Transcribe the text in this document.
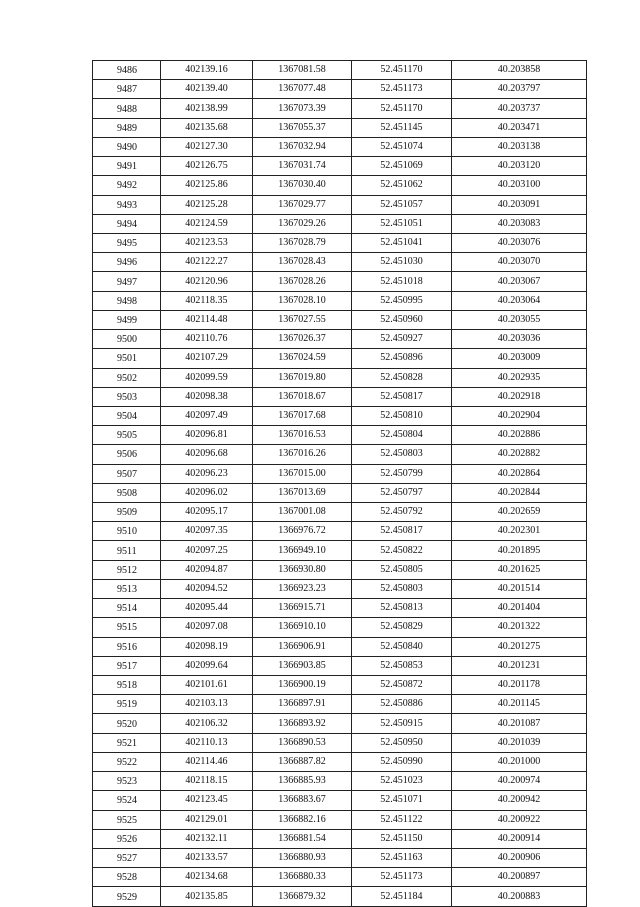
9486	402139.16	1367081.58	52.451170	40.203858
9487	402139.40	1367077.48	52.451173	40.203797
9488	402138.99	1367073.39	52.451170	40.203737
9489	402135.68	1367055.37	52.451145	40.203471
9490	402127.30	1367032.94	52.451074	40.203138
9491	402126.75	1367031.74	52.451069	40.203120
9492	402125.86	1367030.40	52.451062	40.203100
9493	402125.28	1367029.77	52.451057	40.203091
9494	402124.59	1367029.26	52.451051	40.203083
9495	402123.53	1367028.79	52.451041	40.203076
9496	402122.27	1367028.43	52.451030	40.203070
9497	402120.96	1367028.26	52.451018	40.203067
9498	402118.35	1367028.10	52.450995	40.203064
9499	402114.48	1367027.55	52.450960	40.203055
9500	402110.76	1367026.37	52.450927	40.203036
9501	402107.29	1367024.59	52.450896	40.203009
9502	402099.59	1367019.80	52.450828	40.202935
9503	402098.38	1367018.67	52.450817	40.202918
9504	402097.49	1367017.68	52.450810	40.202904
9505	402096.81	1367016.53	52.450804	40.202886
9506	402096.68	1367016.26	52.450803	40.202882
9507	402096.23	1367015.00	52.450799	40.202864
9508	402096.02	1367013.69	52.450797	40.202844
9509	402095.17	1367001.08	52.450792	40.202659
9510	402097.35	1366976.72	52.450817	40.202301
9511	402097.25	1366949.10	52.450822	40.201895
9512	402094.87	1366930.80	52.450805	40.201625
9513	402094.52	1366923.23	52.450803	40.201514
9514	402095.44	1366915.71	52.450813	40.201404
9515	402097.08	1366910.10	52.450829	40.201322
9516	402098.19	1366906.91	52.450840	40.201275
9517	402099.64	1366903.85	52.450853	40.201231
9518	402101.61	1366900.19	52.450872	40.201178
9519	402103.13	1366897.91	52.450886	40.201145
9520	402106.32	1366893.92	52.450915	40.201087
9521	402110.13	1366890.53	52.450950	40.201039
9522	402114.46	1366887.82	52.450990	40.201000
9523	402118.15	1366885.93	52.451023	40.200974
9524	402123.45	1366883.67	52.451071	40.200942
9525	402129.01	1366882.16	52.451122	40.200922
9526	402132.11	1366881.54	52.451150	40.200914
9527	402133.57	1366880.93	52.451163	40.200906
9528	402134.68	1366880.33	52.451173	40.200897
9529	402135.85	1366879.32	52.451184	40.200883
